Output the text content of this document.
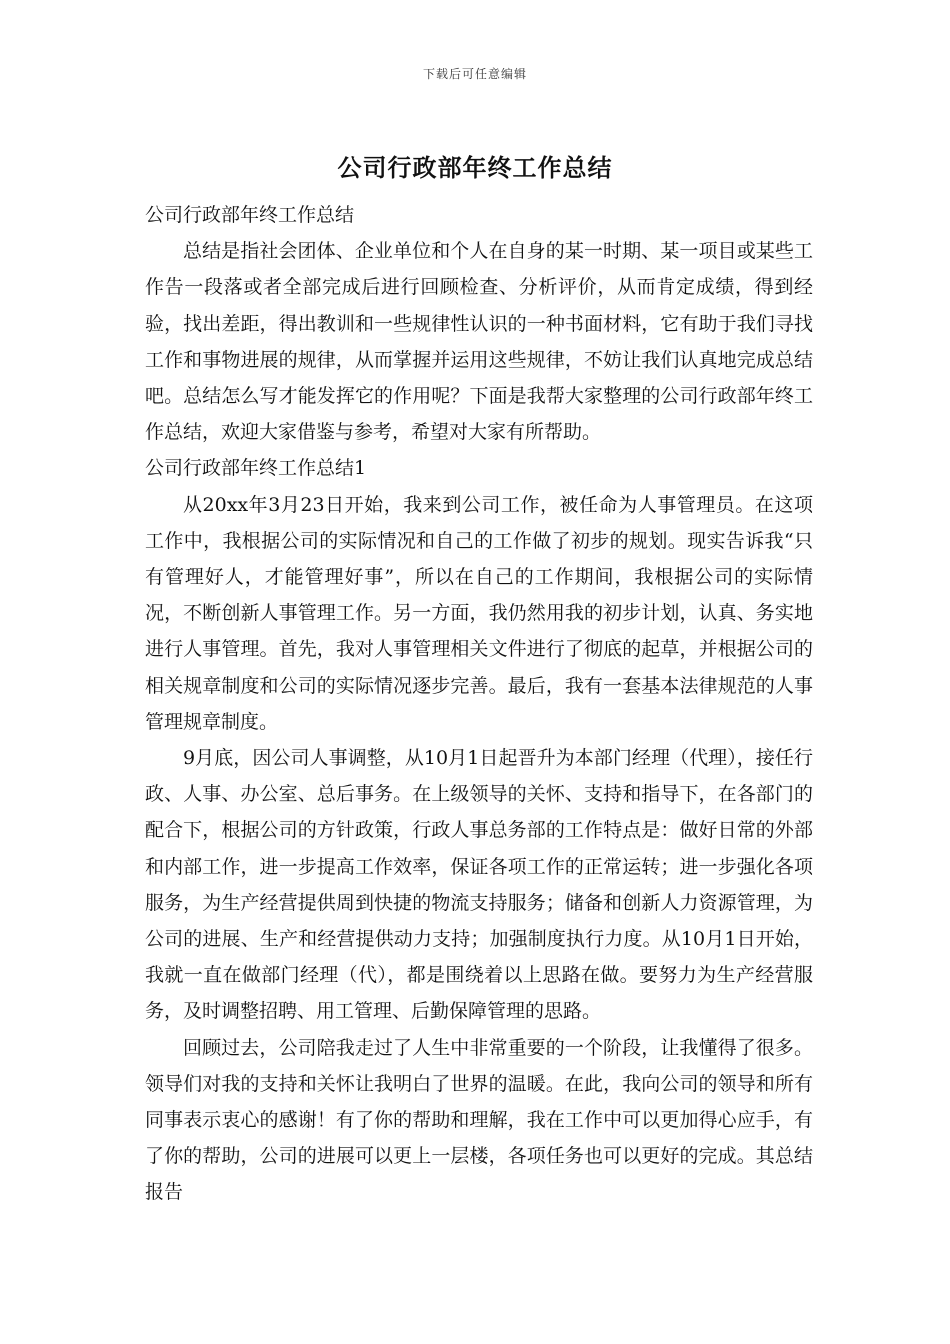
下载后可任意编辑
公司行政部年终工作总结

公司行政部年终工作总结

总结是指社会团体、企业单位和个人在自身的某一时期、某一项目或某些工作告一段落或者全部完成后进行回顾检查、分析评价，从而肯定成绩，得到经验，找出差距，得出教训和一些规律性认识的一种书面材料，它有助于我们寻找工作和事物进展的规律，从而掌握并运用这些规律，不妨让我们认真地完成总结吧。总结怎么写才能发挥它的作用呢？下面是我帮大家整理的公司行政部年终工作总结，欢迎大家借鉴与参考，希望对大家有所帮助。

公司行政部年终工作总结1

从20xx年3月23日开始，我来到公司工作，被任命为人事管理员。在这项工作中，我根据公司的实际情况和自己的工作做了初步的规划。现实告诉我“只有管理好人，才能管理好事”，所以在自己的工作期间，我根据公司的实际情况，不断创新人事管理工作。另一方面，我仍然用我的初步计划，认真、务实地进行人事管理。首先，我对人事管理相关文件进行了彻底的起草，并根据公司的相关规章制度和公司的实际情况逐步完善。最后，我有一套基本法律规范的人事管理规章制度。

9月底，因公司人事调整，从10月1日起晋升为本部门经理（代理），接任行政、人事、办公室、总后事务。在上级领导的关怀、支持和指导下，在各部门的配合下，根据公司的方针政策，行政人事总务部的工作特点是：做好日常的外部和内部工作，进一步提高工作效率，保证各项工作的正常运转；进一步强化各项服务，为生产经营提供周到快捷的物流支持服务；储备和创新人力资源管理，为公司的进展、生产和经营提供动力支持；加强制度执行力度。从10月1日开始，我就一直在做部门经理（代），都是围绕着以上思路在做。要努力为生产经营服务，及时调整招聘、用工管理、后勤保障管理的思路。

回顾过去，公司陪我走过了人生中非常重要的一个阶段，让我懂得了很多。领导们对我的支持和关怀让我明白了世界的温暖。在此，我向公司的领导和所有同事表示衷心的感谢！有了你的帮助和理解，我在工作中可以更加得心应手，有了你的帮助，公司的进展可以更上一层楼，各项任务也可以更好的完成。其总结报告
